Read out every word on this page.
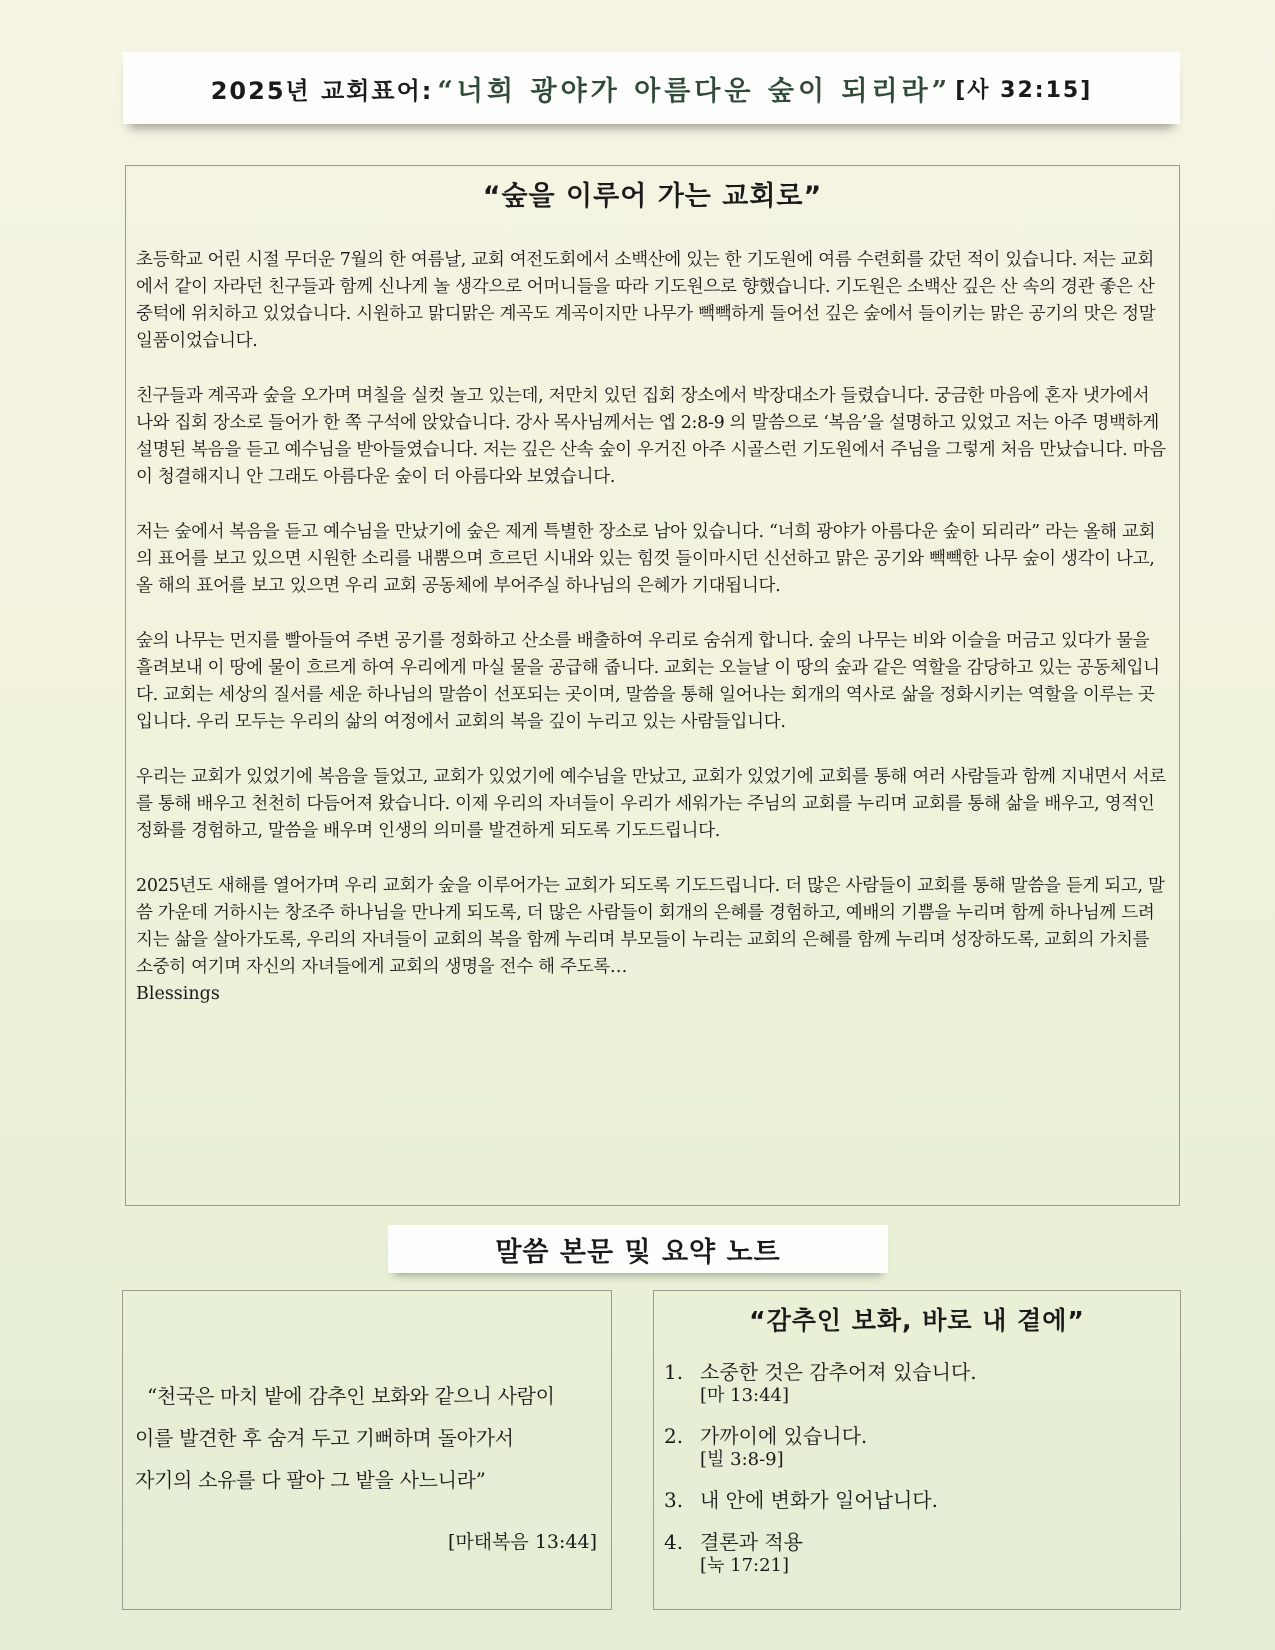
2025년 교회표어: “너희 광야가 아름다운 숲이 되리라” [사 32:15]
“숲을 이루어 가는 교회로”

초등학교 어린 시절 무더운 7월의 한 여름날, 교회 여전도회에서 소백산에 있는 한 기도원에 여름 수련회를 갔던 적이 있습니다. 저는 교회에서 같이 자라던 친구들과 함께 신나게 놀 생각으로 어머니들을 따라 기도원으로 향했습니다. 기도원은 소백산 깊은 산 속의 경관 좋은 산 중턱에 위치하고 있었습니다. 시원하고 맑디맑은 계곡도 계곡이지만 나무가 빽빽하게 들어선 깊은 숲에서 들이키는 맑은 공기의 맛은 정말 일품이었습니다.

친구들과 계곡과 숲을 오가며 며칠을 실컷 놀고 있는데, 저만치 있던 집회 장소에서 박장대소가 들렸습니다. 궁금한 마음에 혼자 냇가에서 나와 집회 장소로 들어가 한 쪽 구석에 앉았습니다. 강사 목사님께서는 엡 2:8-9 의 말씀으로 ‘복음’을 설명하고 있었고 저는 아주 명백하게 설명된 복음을 듣고 예수님을 받아들였습니다. 저는 깊은 산속 숲이 우거진 아주 시골스런 기도원에서 주님을 그렇게 처음 만났습니다. 마음이 청결해지니 안 그래도 아름다운 숲이 더 아름다와 보였습니다.

저는 숲에서 복음을 듣고 예수님을 만났기에 숲은 제게 특별한 장소로 남아 있습니다. “너희 광야가 아름다운 숲이 되리라” 라는 올해 교회의 표어를 보고 있으면 시원한 소리를 내뿜으며 흐르던 시내와 있는 힘껏 들이마시던 신선하고 맑은 공기와 빽빽한 나무 숲이 생각이 나고, 올 해의 표어를 보고 있으면 우리 교회 공동체에 부어주실 하나님의 은혜가 기대됩니다.

숲의 나무는 먼지를 빨아들여 주변 공기를 정화하고 산소를 배출하여 우리로 숨쉬게 합니다. 숲의 나무는 비와 이슬을 머금고 있다가 물을 흘려보내 이 땅에 물이 흐르게 하여 우리에게 마실 물을 공급해 줍니다. 교회는 오늘날 이 땅의 숲과 같은 역할을 감당하고 있는 공동체입니다. 교회는 세상의 질서를 세운 하나님의 말씀이 선포되는 곳이며, 말씀을 통해 일어나는 회개의 역사로 삶을 정화시키는 역할을 이루는 곳입니다. 우리 모두는 우리의 삶의 여정에서 교회의 복을 깊이 누리고 있는 사람들입니다.

우리는 교회가 있었기에 복음을 들었고, 교회가 있었기에 예수님을 만났고, 교회가 있었기에 교회를 통해 여러 사람들과 함께 지내면서 서로를 통해 배우고 천천히 다듬어져 왔습니다. 이제 우리의 자녀들이 우리가 세워가는 주님의 교회를 누리며 교회를 통해 삶을 배우고, 영적인 정화를 경험하고, 말씀을 배우며 인생의 의미를 발견하게 되도록 기도드립니다.

2025년도 새해를 열어가며 우리 교회가 숲을 이루어가는 교회가 되도록 기도드립니다. 더 많은 사람들이 교회를 통해 말씀을 듣게 되고, 말씀 가운데 거하시는 창조주 하나님을 만나게 되도록, 더 많은 사람들이 회개의 은혜를 경험하고, 예배의 기쁨을 누리며 함께 하나님께 드려지는 삶을 살아가도록, 우리의 자녀들이 교회의 복을 함께 누리며 부모들이 누리는 교회의 은혜를 함께 누리며 성장하도록, 교회의 가치를 소중히 여기며 자신의 자녀들에게 교회의 생명을 전수 해 주도록…

Blessings

말씀 본문 및 요약 노트
“천국은 마치 밭에 감추인 보화와 같으니 사람이
이를 발견한 후 숨겨 두고 기뻐하며 돌아가서
자기의 소유를 다 팔아 그 밭을 사느니라”
[마태복음 13:44]
“감추인 보화, 바로 내 곁에”
1. 소중한 것은 감추어져 있습니다.
[마 13:44]
2. 가까이에 있습니다.
[빌 3:8-9]
3. 내 안에 변화가 일어납니다.
4. 결론과 적용
[눅 17:21]
